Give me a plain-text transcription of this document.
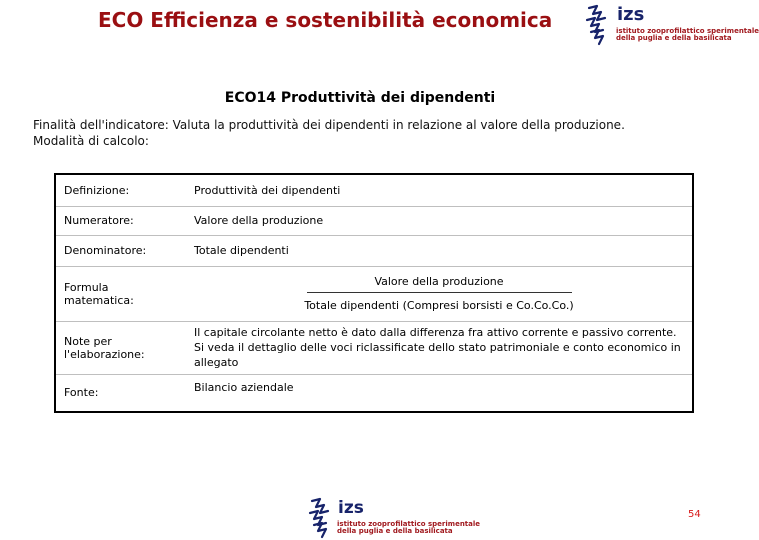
ECO Efficienza e sostenibilità economica	izs
istituto zooprofilattico sperimentale
della puglia e della basilicata
ECO14 Produttività dei dipendenti
Finalità dell'indicatore: Valuta la produttività dei dipendenti in relazione al valore della produzione.
Modalità di calcolo:
Definizione:	Produttività dei dipendenti
Numeratore:	Valore della produzione
Denominatore:	Totale dipendenti
Formula matematica:	Valore della produzione
Totale dipendenti (Compresi borsisti e Co.Co.Co.)

Note per l'elaborazione:	Il capitale circolante netto è dato dalla differenza fra attivo corrente e passivo corrente.
Si veda il dettaglio delle voci riclassificate dello stato patrimoniale e conto economico in allegato

Fonte:	Bilancio aziendale
izs
istituto zooprofilattico sperimentale
della puglia e della basilicata
54
